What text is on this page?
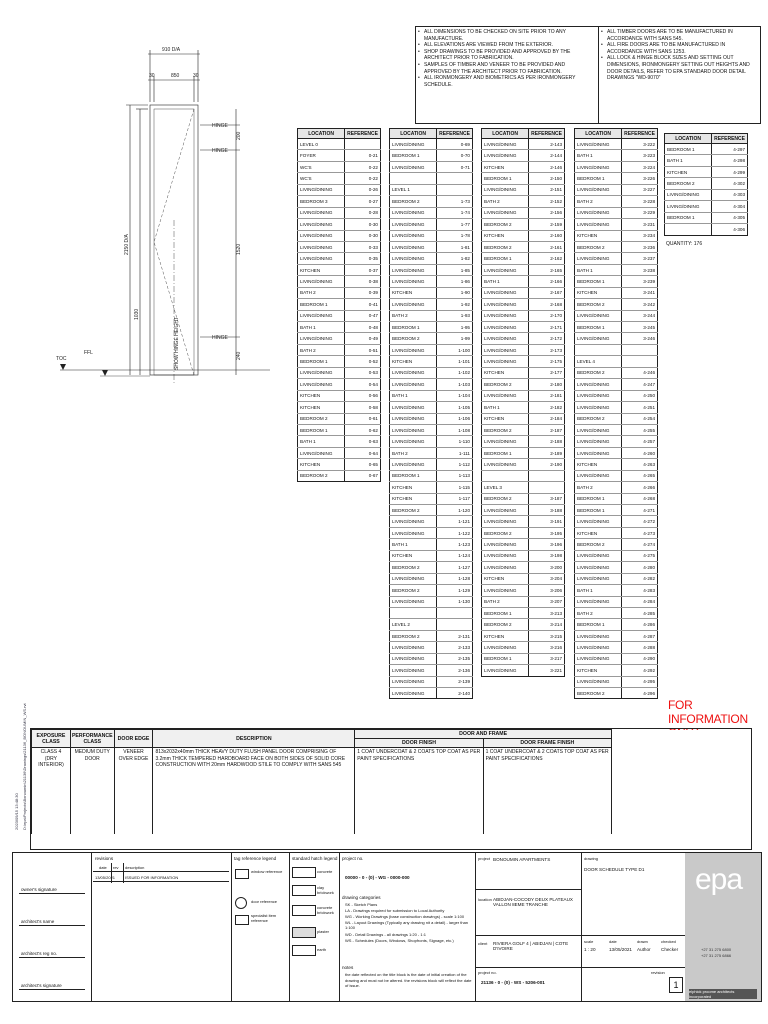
910 D/A
30	850	30
HINGE
HINGE
HINGE
200
1520
240
2150 D/A
1030
SHOW HINGE HEIGHT
TOC
FFL
• ALL DIMENSIONS TO BE CHECKED ON SITE PRIOR TO ANY MANUFACTURE.
• ALL ELEVATIONS ARE VIEWED FROM THE EXTERIOR.
• SHOP DRAWINGS TO BE PROVIDED AND APPROVED BY THE ARCHITECT PRIOR TO FABRICATION.
• SAMPLES OF TIMBER AND VENEER TO BE PROVIDED AND APPROVED BY THE ARCHITECT PRIOR TO FABRICATION.
• ALL IRONMONGERY AND BIOMETRICS AS PER IRONMONGERY SCHEDULE.
• ALL TIMBER DOORS ARE TO BE MANUFACTURED IN ACCORDANCE WITH SANS 545.
• ALL FIRE DOORS ARE TO BE MANUFACTURED IN ACCORDANCE WITH SANS 1253.
• ALL LOCK & HINGE BLOCK SIZES AND SETTING OUT DIMENSIONS, IRONMONGERY SETTING OUT HEIGHTS AND DOOR DETAILS, REFER TO EPA STANDARD DOOR DETAIL DRAWINGS "WD-9070"
LOCATION	REFERENCE
LEVEL 0	
FOYER	0-21
WC'S	0-22
WC'S	0-22
LIVING/DINING	0-26
BEDROOM 3	0-27
LIVING/DINING	0-28
LIVING/DINING	0-30
LIVING/DINING	0-30
LIVING/DINING	0-33
LIVING/DINING	0-35
KITCHEN	0-37
LIVING/DINING	0-38
BATH 2	0-39
BEDROOM 1	0-41
LIVING/DINING	0-47
BATH 1	0-48
LIVING/DINING	0-49
BATH 2	0-51
BEDROOM 1	0-52
LIVING/DINING	0-53
LIVING/DINING	0-54
KITCHEN	0-56
KITCHEN	0-58
BEDROOM 2	0-61
BEDROOM 1	0-62
BATH 1	0-63
LIVING/DINING	0-64
KITCHEN	0-65
BEDROOM 2	0-67
LOCATION	REFERENCE
LIVING/DINING	0-69
BEDROOM 1	0-70
LIVING/DINING	0-71

LEVEL 1	
BEDROOM 2	1-73
LIVING/DINING	1-74
LIVING/DINING	1-77
LIVING/DINING	1-78
LIVING/DINING	1-81
LIVING/DINING	1-82
LIVING/DINING	1-85
LIVING/DINING	1-86
KITCHEN	1-90
LIVING/DINING	1-92
BATH 2	1-93
BEDROOM 1	1-95
BEDROOM 2	1-99
LIVING/DINING	1-100
KITCHEN	1-101
LIVING/DINING	1-102
LIVING/DINING	1-103
BATH 1	1-104
LIVING/DINING	1-105
LIVING/DINING	1-106
LIVING/DINING	1-108
LIVING/DINING	1-110
BATH 2	1-111
LIVING/DINING	1-112
BEDROOM 1	1-113
KITCHEN	1-115
KITCHEN	1-117
BEDROOM 2	1-120
LIVING/DINING	1-121
LIVING/DINING	1-122
BATH 1	1-123
KITCHEN	1-124
BEDROOM 2	1-127
LIVING/DINING	1-128
BEDROOM 2	1-129
LIVING/DINING	1-130

LEVEL 2	
BEDROOM 2	2-131
LIVING/DINING	2-133
LIVING/DINING	2-135
LIVING/DINING	2-136
LIVING/DINING	2-139
LIVING/DINING	2-140
LOCATION	REFERENCE
LIVING/DINING	2-143
LIVING/DINING	2-144
KITCHEN	2-146
BEDROOM 1	2-150
LIVING/DINING	2-151
BATH 2	2-152
LIVING/DINING	2-156
BEDROOM 2	2-159
KITCHEN	2-160
BEDROOM 2	2-161
BEDROOM 1	2-162
LIVING/DINING	2-165
BATH 1	2-166
LIVING/DINING	2-167
LIVING/DINING	2-168
LIVING/DINING	2-170
LIVING/DINING	2-171
LIVING/DINING	2-172
LIVING/DINING	2-173
LIVING/DINING	2-175
KITCHEN	2-177
BEDROOM 2	2-180
LIVING/DINING	2-181
BATH 1	2-182
KITCHEN	2-184
BEDROOM 2	2-187
LIVING/DINING	2-188
BEDROOM 1	2-189
LIVING/DINING	2-190

LEVEL 3	
BEDROOM 2	3-187
LIVING/DINING	3-188
LIVING/DINING	3-191
BEDROOM 2	3-195
LIVING/DINING	3-196
LIVING/DINING	3-198
LIVING/DINING	3-200
KITCHEN	3-204
LIVING/DINING	3-206
BATH 2	3-207
BEDROOM 1	3-213
BEDROOM 2	3-214
KITCHEN	3-215
LIVING/DINING	3-216
BEDROOM 1	3-217
LIVING/DINING	3-221
LOCATION	REFERENCE
LIVING/DINING	3-222
BATH 1	3-223
LIVING/DINING	3-224
BEDROOM 1	3-226
LIVING/DINING	3-227
BATH 2	3-228
LIVING/DINING	3-229
LIVING/DINING	3-231
KITCHEN	3-234
BEDROOM 2	3-236
LIVING/DINING	3-237
BATH 1	3-238
BEDROOM 1	3-239
KITCHEN	3-241
BEDROOM 2	3-242
LIVING/DINING	3-244
BEDROOM 1	3-245
LIVING/DINING	3-246

LEVEL 4	
BEDROOM 2	4-246
LIVING/DINING	4-247
LIVING/DINING	4-250
LIVING/DINING	4-251
BEDROOM 2	4-254
LIVING/DINING	4-255
LIVING/DINING	4-257
LIVING/DINING	4-260
KITCHEN	4-263
LIVING/DINING	4-265
BATH 2	4-266
BEDROOM 1	4-268
BEDROOM 1	4-271
LIVING/DINING	4-272
KITCHEN	4-273
BEDROOM 2	4-274
LIVING/DINING	4-275
LIVING/DINING	4-280
LIVING/DINING	4-282
BATH 1	4-283
LIVING/DINING	4-284
BATH 2	4-285
BEDROOM 1	4-286
LIVING/DINING	4-287
LIVING/DINING	4-288
LIVING/DINING	4-290
KITCHEN	4-292
LIVING/DINING	4-295
BEDROOM 2	4-296
LOCATION	REFERENCE
BEDROOM 1	4-297
BATH 1	4-298
KITCHEN	4-299
BEDROOM 2	4-302
LIVING/DINING	4-303
LIVING/DINING	4-304
BEDROOM 1	4-305
	4-306
QUANTITY: 176
FOR INFORMATION
2023/09/15 13:48:30 D:\epa\Projects\Bonoumin\21136\Drawings\21136_BONOUMIN_WS.rvt EXPOSURE CLASS	PERFORMANCE CLASS	DOOR EDGE	DESCRIPTION	DOOR AND FRAME		
				DOOR FINISH	DOOR FRAME FINISH	
CLASS 4 (DRY INTERIOR)	MEDIUM DUTY DOOR	VENEER OVER EDGE	813x2032x40mm THICK HEAVY DUTY FLUSH PANEL DOOR COMPRISING OF 3.2mm THICK TEMPERED HARDBOARD FACE ON BOTH SIDES OF SOLID CORE CONSTRUCTION WITH 20mm HARDWOOD STILE TO COMPLY WITH SANS 545	1 COAT UNDERCOAT & 2 COATS TOP COAT AS PER PAINT SPECIFICATIONS	1 COAT UNDERCOAT & 2 COATS TOP COAT AS PER PAINT SPECIFICATIONS	
owner's signature
architect's name
architect's reg no.
architect's signature
revisions
date rev description
13/05/2021 ISSUED FOR INFORMATION
tag reference legend
window reference
door reference
specialist item reference
standard hatch legend
concrete
clay brickwork
concrete brickwork
plaster
earth
project no.
00000 - 0 - (0) - WG - 0000-000
drawing categories
SK - Sketch Plans
LA - Drawings required for submission to Local Authority
WG - Working Drawings (base construction drawings) - scale 1:100
WL - Layout Drawings (Typically any drawing nit a detail) - larger than 1:100
WD - Detail Drawings - all drawings 1:20 - 1:1
WS - Schedules (Doors, Windows, Shopfronts, Signage, etc.)
notes
the date reflected on the title block is the date of initial creation of the drawing and must not be altered. the revisions block will reflect the date of issue.
project BONOUMIN APARTMENTS
location ABIDJAN-COCODY DEUX PLATEAUX VALLON 8EME TRANCHE
client RIVIERA GOLF 4 | ABIDJAN | COTE D'IVOIRE
project no.
21136 - 0 - (0) - WS - 5206-001
drawing
DOOR SCHEDULE TYPE D1
scale
1 : 20
date
13/05/2021
drawn
Author
checked
Checker
revision
1
epa
+27 31 275 6800
+27 31 275 6866
elphick proome architects incorporated
